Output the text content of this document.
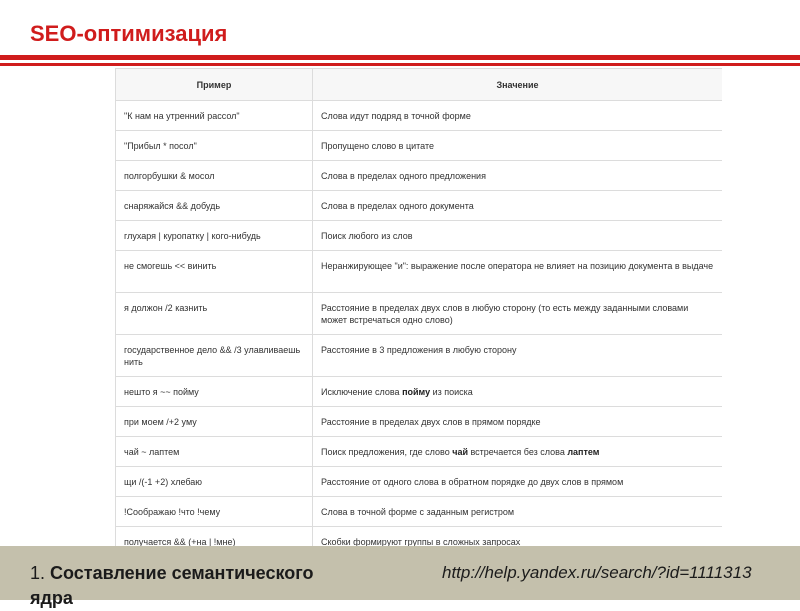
SEO-оптимизация
Пример	Значение
"К нам на утренний рассол"	Слова идут подряд в точной форме
"Прибыл * посол"	Пропущено слово в цитате
полгорбушки & мосол	Слова в пределах одного предложения
снаряжайся && добудь	Слова в пределах одного документа
глухаря | куропатку | кого-нибудь	Поиск любого из слов
не смогешь << винить	Неранжирующее "и": выражение после оператора не влияет на позицию документа в выдаче
я должон /2 казнить	Расстояние в пределах двух слов в любую сторону (то есть между заданными словами может встречаться одно слово)
государственное дело && /3 улавливаешь нить	Расстояние в 3 предложения в любую сторону
нешто я ~~ пойму	Исключение слова пойму из поиска
при моем /+2 уму	Расстояние в пределах двух слов в прямом порядке
чай ~ лаптем	Поиск предложения, где слово чай встречается без слова лаптем
щи /(-1 +2) хлебаю	Расстояние от одного слова в обратном порядке до двух слов в прямом
!Соображаю !что !чему	Слова в точной форме с заданным регистром
получается && (+на | !мне)	Скобки формируют группы в сложных запросах
1. Составление семантического ядра
http://help.yandex.ru/search/?id=1111313
